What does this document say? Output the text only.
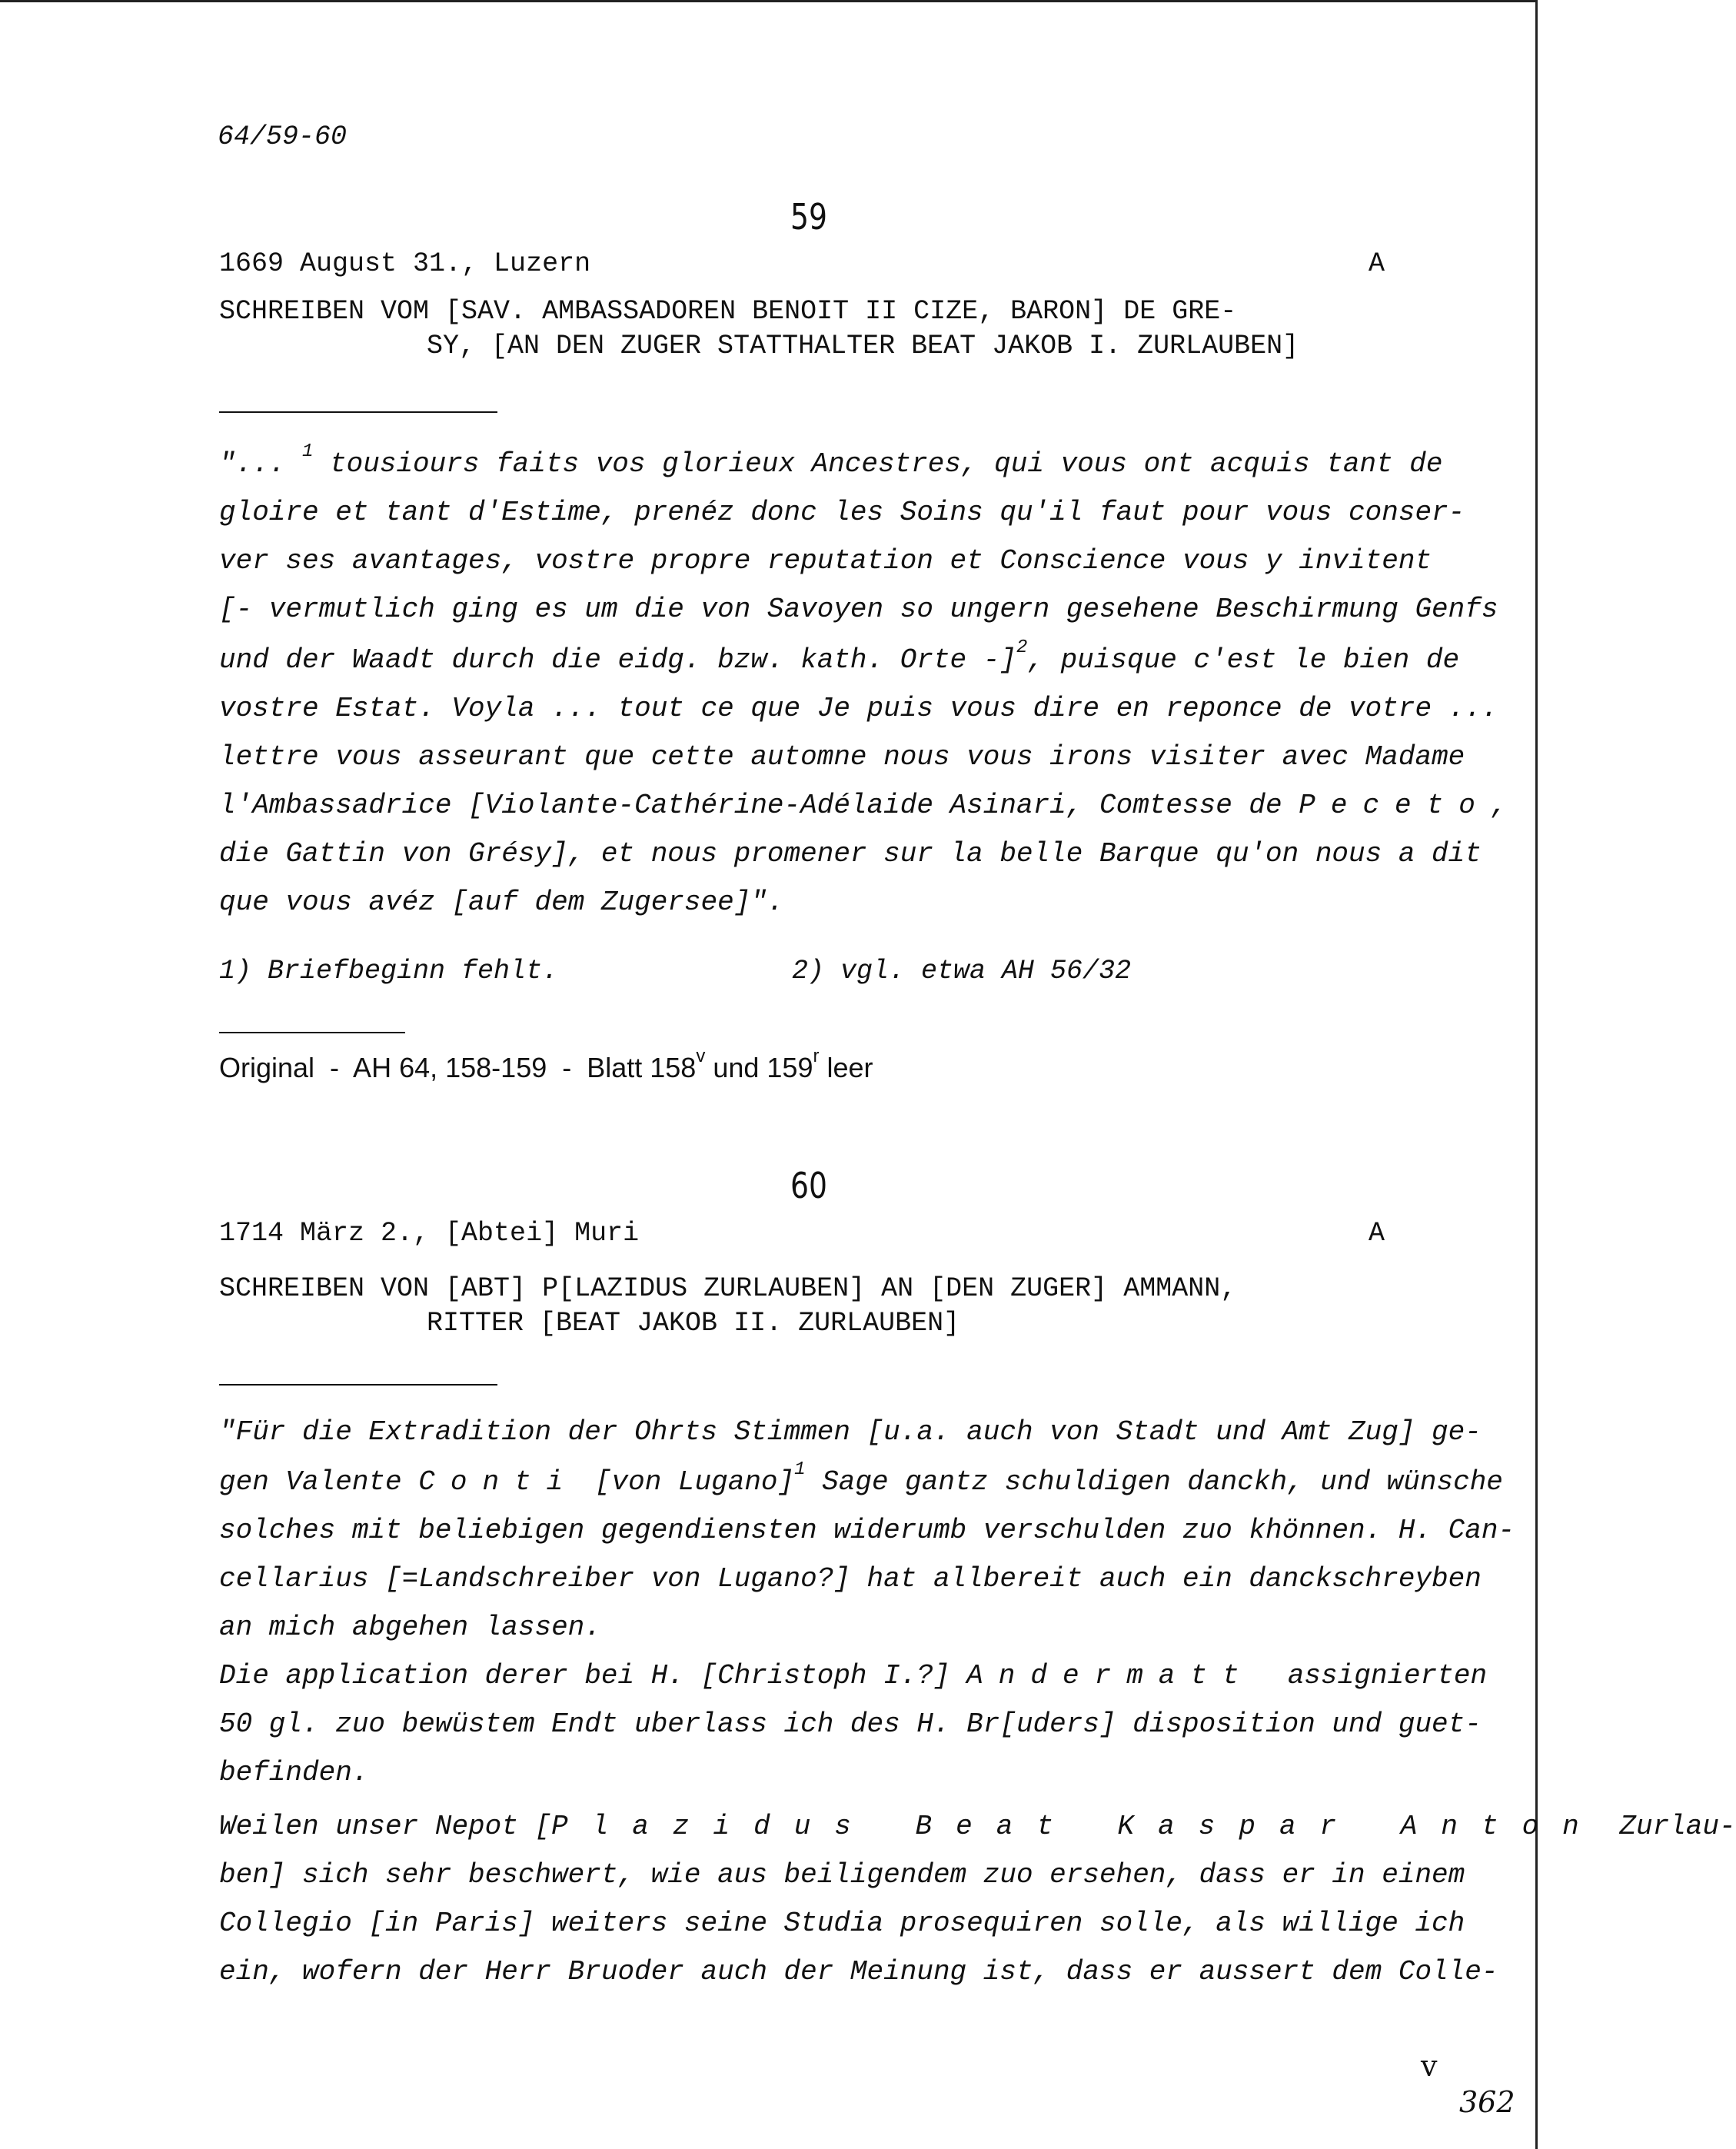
64/59-60
59
1669 August 31., Luzern	A
SCHREIBEN VOM [SAV. AMBASSADOREN BENOIT II CIZE, BARON] DE GRE-
SY, [AN DEN ZUGER STATTHALTER BEAT JAKOB I. ZURLAUBEN]
"... $^1$ tousiours faits vos glorieux Ancestres, qui vous ont acquis tant de
gloire et tant d'Estime, prenéz donc les Soins qu'il faut pour vous conser-
ver ses avantages, vostre propre reputation et Conscience vous y invitent
[- vermutlich ging es um die von Savoyen so ungern gesehene Beschirmung Genfs
und der Waadt durch die eidg. bzw. kath. Orte -]$^2$, puisque c'est le bien de
vostre Estat. Voyla ... tout ce que Je puis vous dire en reponce de votre ...
lettre vous asseurant que cette automne nous vous irons visiter avec Madame
l'Ambassadrice [Violante-Cathérine-Adélaide Asinari, Comtesse de Peceto,
die Gattin von Grésy], et nous promener sur la belle Barque qu'on nous a dit
que vous avéz [auf dem Zugersee]".
1) Briefbeginn fehlt.	2) vgl. etwa AH 56/32
Original  -  AH 64, 158-159  -  Blatt 158$^v$ und 159$^r$ leer
60
1714 März 2., [Abtei] Muri	A
SCHREIBEN VON [ABT] P[LAZIDUS ZURLAUBEN] AN [DEN ZUGER] AMMANN,
RITTER [BEAT JAKOB II. ZURLAUBEN]
"Für die Extradition der Ohrts Stimmen [u.a. auch von Stadt und Amt Zug] ge-
gen Valente Conti [von Lugano]$^1$ Sage gantz schuldigen danckh, und wünsche
solches mit beliebigen gegendiensten widerumb verschulden zuo khönnen. H. Can-
cellarius [=Landschreiber von Lugano?] hat allbereit auch ein danckschreyben
an mich abgehen lassen.
Die application derer bei H. [Christoph I.?] Andermatt  assignierten
50 gl. zuo bewüstem Endt uberlass ich des H. Br[uders] disposition und guet-
befinden.
Weilen unser Nepot [Plazidus Beat Kaspar Anton Zurlau-
ben] sich sehr beschwert, wie aus beiligendem zuo ersehen, dass er in einem
Collegio [in Paris] weiters seine Studia prosequiren solle, als willige ich
ein, wofern der Herr Bruoder auch der Meinung ist, dass er aussert dem Colle-
v
362
